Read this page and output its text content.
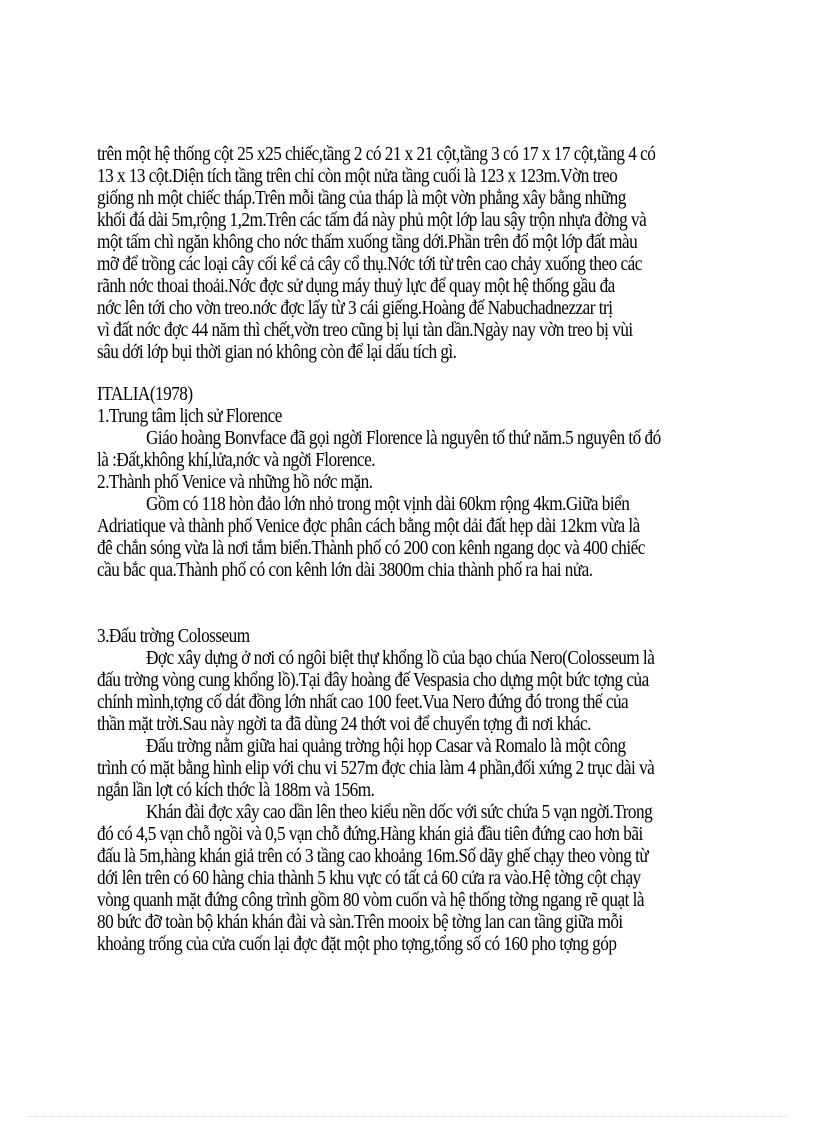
trên một hệ thống cột 25 x25 chiếc,tầng 2 có 21 x 21 cột,tầng 3 có 17 x 17 cột,tầng 4 có
13 x 13 cột.Diện tích tầng trên chỉ còn một nửa tầng cuối là 123 x 123m.Vờn treo
giống nh một chiếc tháp.Trên mỗi tầng của tháp là một vờn phẳng xây bằng những
khối đá dài 5m,rộng 1,2m.Trên các tấm đá này phủ một lớp lau sậy trộn nhựa đờng và
một tấm chì ngăn không cho nớc thấm xuống tầng dới.Phần trên đổ một lớp đất màu
mỡ để trồng các loại cây cối kể cả cây cổ thụ.Nớc tới từ trên cao chảy xuống theo các
rãnh nớc thoai thoải.Nớc đợc sử dụng máy thuỷ lực để quay một hệ thống gầu đa
nớc lên tới cho vờn treo.nớc đợc lấy từ 3 cái giếng.Hoàng đế Nabuchadnezzar trị
vì đất nớc đợc 44 năm thì chết,vờn treo cũng bị lụi tàn dần.Ngày nay vờn treo bị vùi
sâu dới lớp bụi thời gian nó không còn để lại dấu tích gì.
ITALIA(1978)
1.Trung tâm lịch sử Florence
Giáo hoàng Bonvface đã gọi ngời Florence là nguyên tố thứ năm.5 nguyên tố đó
là :Đất,không khí,lửa,nớc và ngời Florence.
2.Thành phố Venice và những hồ nớc mặn.
Gồm có 118 hòn đảo lớn nhỏ trong một vịnh dài 60km rộng 4km.Giữa biển
Adriatique và thành phố Venice đợc phân cách bằng một dải đất hẹp dài 12km vừa là
đê chắn sóng vừa là nơi tắm biển.Thành phố có 200 con kênh ngang dọc và 400 chiếc
cầu bắc qua.Thành phố có con kênh lớn dài 3800m chia thành phố ra hai nửa.
3.Đấu trờng Colosseum
Đợc xây dựng ở nơi có ngôi biệt thự khổng lồ của bạo chúa Nero(Colosseum là
đấu trờng vòng cung khổng lồ).Tại đây hoàng đế Vespasia cho dựng một bức tợng của
chính mình,tợng cố dát đồng lớn nhất cao 100 feet.Vua Nero đứng đó trong thế của
thần mặt trời.Sau này ngời ta đã dùng 24 thớt voi để chuyển tợng đi nơi khác.
Đấu trờng nằm giữa hai quảng trờng hội họp Casar và Romalo là một công
trình có mặt bằng hình elip với chu vi 527m đợc chia làm 4 phần,đối xứng 2 trục dài và
ngắn lần lợt có kích thớc là 188m và 156m.
Khán đài đợc xây cao dần lên theo kiểu nền dốc với sức chứa 5 vạn ngời.Trong
đó có 4,5 vạn chỗ ngồi và 0,5 vạn chỗ đứng.Hàng khán giả đầu tiên đứng cao hơn bãi
đấu là 5m,hàng khán giả trên có 3 tầng cao khoảng 16m.Số dãy ghế chạy theo vòng từ
dới lên trên có 60 hàng chia thành 5 khu vực có tất cả 60 cửa ra vào.Hệ tờng cột chạy
vòng quanh mặt đứng công trình gồm 80 vòm cuốn và hệ thống tờng ngang rẽ quạt là
80 bức đỡ toàn bộ khán khán đài và sàn.Trên mooix bệ tờng lan can tầng giữa mỗi
khoảng trống của cửa cuốn lại đợc đặt một pho tợng,tổng số có 160 pho tợng góp
